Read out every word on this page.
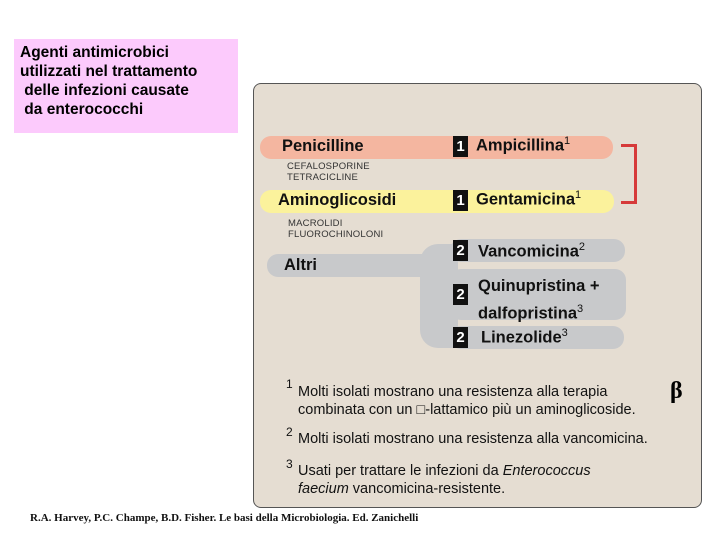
Agenti antimicrobici
utilizzati nel trattamento
delle infezioni causate
da enterococchi
Penicilline
CEFALOSPORINE
TETRACICLINE
Aminoglicosidi
MACROLIDI
FLUOROCHINOLONI
Altri
1 Ampicillina$^1$
1 Gentamicina$^1$
2 Vancomicina$^2$
2 Quinupristina +
dalfopristina$^3$
2 Linezolide$^3$
1 Molti isolati mostrano una resistenza alla terapia
combinata con un □-lattamico più un aminoglicoside.
2 Molti isolati mostrano una resistenza alla vancomicina.
3 Usati per trattare le infezioni da Enterococcus
faecium vancomicina-resistente.
β
R.A. Harvey, P.C. Champe, B.D. Fisher. Le basi della Microbiologia. Ed. Zanichelli
